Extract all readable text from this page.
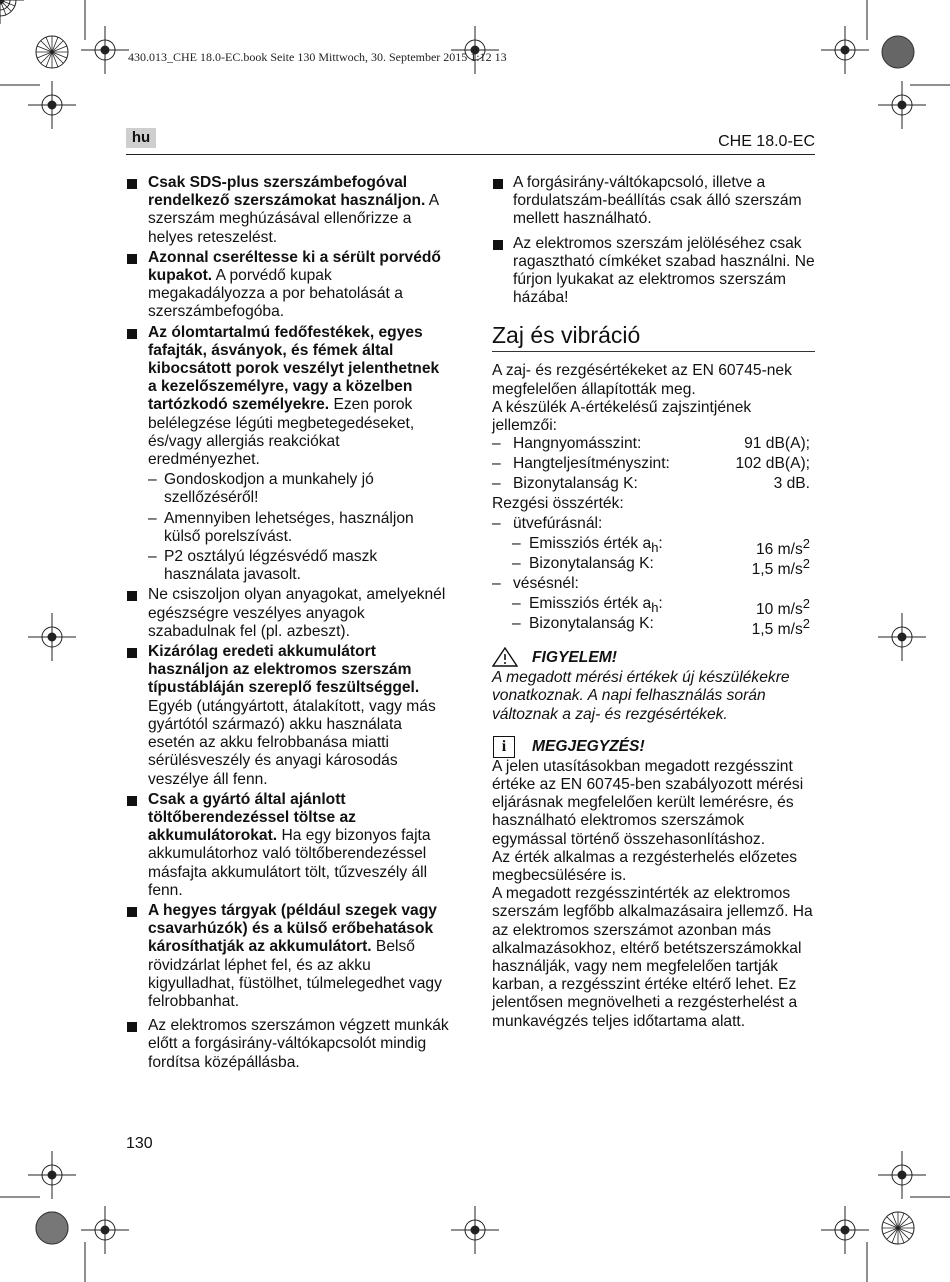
430.013_CHE 18.0-EC.book Seite 130 Mittwoch, 30. September 2015 1:12 13
hu	CHE 18.0-EC
Csak SDS-plus szerszámbefogóval rendelkező szerszámokat használjon. A szerszám meghúzásával ellenőrizze a helyes reteszelést.
Azonnal cseréltesse ki a sérült porvédő kupakot. A porvédő kupak megakadályozza a por behatolását a szerszámbefogóba.
Az ólomtartalmú fedőfestékek, egyes fafajták, ásványok, és fémek által kibocsátott porok veszélyt jelenthetnek a kezelőszemélyre, vagy a közelben tartózkodó személyekre. Ezen porok belélegzése légúti megbetegedéseket, és/vagy allergiás reakciókat eredményezhet.
– Gondoskodjon a munkahely jó szellőzéséről!
– Amennyiben lehetséges, használjon külső porelszívást.
– P2 osztályú légzésvédő maszk használata javasolt.
Ne csiszoljon olyan anyagokat, amelyeknél egészségre veszélyes anyagok szabadulnak fel (pl. azbeszt).
Kizárólag eredeti akkumulátort használjon az elektromos szerszám típustábláján szereplő feszültséggel. Egyéb (utángyártott, átalakított, vagy más gyártótól származó) akku használata esetén az akku felrobbanása miatti sérülésveszély és anyagi károsodás veszélye áll fenn.
Csak a gyártó által ajánlott töltőberendezéssel töltse az akkumulátorokat. Ha egy bizonyos fajta akkumulátorhoz való töltőberendezéssel másfajta akkumulátort tölt, tűzveszély áll fenn.
A hegyes tárgyak (például szegek vagy csavarhúzók) és a külső erőbehatások károsíthatják az akkumulátort. Belső rövidzárlat léphet fel, és az akku kigyulladhat, füstölhet, túlmelegedhet vagy felrobbanhat.
Az elektromos szerszámon végzett munkák előtt a forgásirány-váltókapcsolót mindig fordítsa középállásba.
A forgásirány-váltókapcsoló, illetve a fordulatszám-beállítás csak álló szerszám mellett használható.
Az elektromos szerszám jelöléséhez csak ragasztható címkéket szabad használni. Ne fúrjon lyukakat az elektromos szerszám házába!
Zaj és vibráció
A zaj- és rezgésértékeket az EN 60745-nek megfelelően állapították meg.
A készülék A-értékelésű zajszintjének jellemzői:
– Hangnyomásszint:	91 dB(A);
– Hangteljesítményszint:	102 dB(A);
– Bizonytalanság K:	3 dB.
Rezgési összérték:
– ütvefúrásnál:
– Emissziós érték $a_h$:	16 $m/s^2$
– Bizonytalanság K:	1,5 $m/s^2$
– vésésnél:
– Emissziós érték $a_h$:	10 $m/s^2$
– Bizonytalanság K:	1,5 $m/s^2$
FIGYELEM!
A megadott mérési értékek új készülékekre vonatkoznak. A napi felhasználás során változnak a zaj- és rezgésértékek.
i	MEGJEGYZÉS!
A jelen utasításokban megadott rezgésszint értéke az EN 60745-ben szabályozott mérési eljárásnak megfelelően került lemérésre, és használható elektromos szerszámok egymással történő összehasonlításhoz.
Az érték alkalmas a rezgésterhelés előzetes megbecsülésére is.
A megadott rezgésszintérték az elektromos szerszám legfőbb alkalmazásaira jellemző. Ha az elektromos szerszámot azonban más alkalmazásokhoz, eltérő betétszerszámokkal használják, vagy nem megfelelően tartják karban, a rezgésszint értéke eltérő lehet. Ez jelentősen megnövelheti a rezgésterhelést a munkavégzés teljes időtartama alatt.
130
